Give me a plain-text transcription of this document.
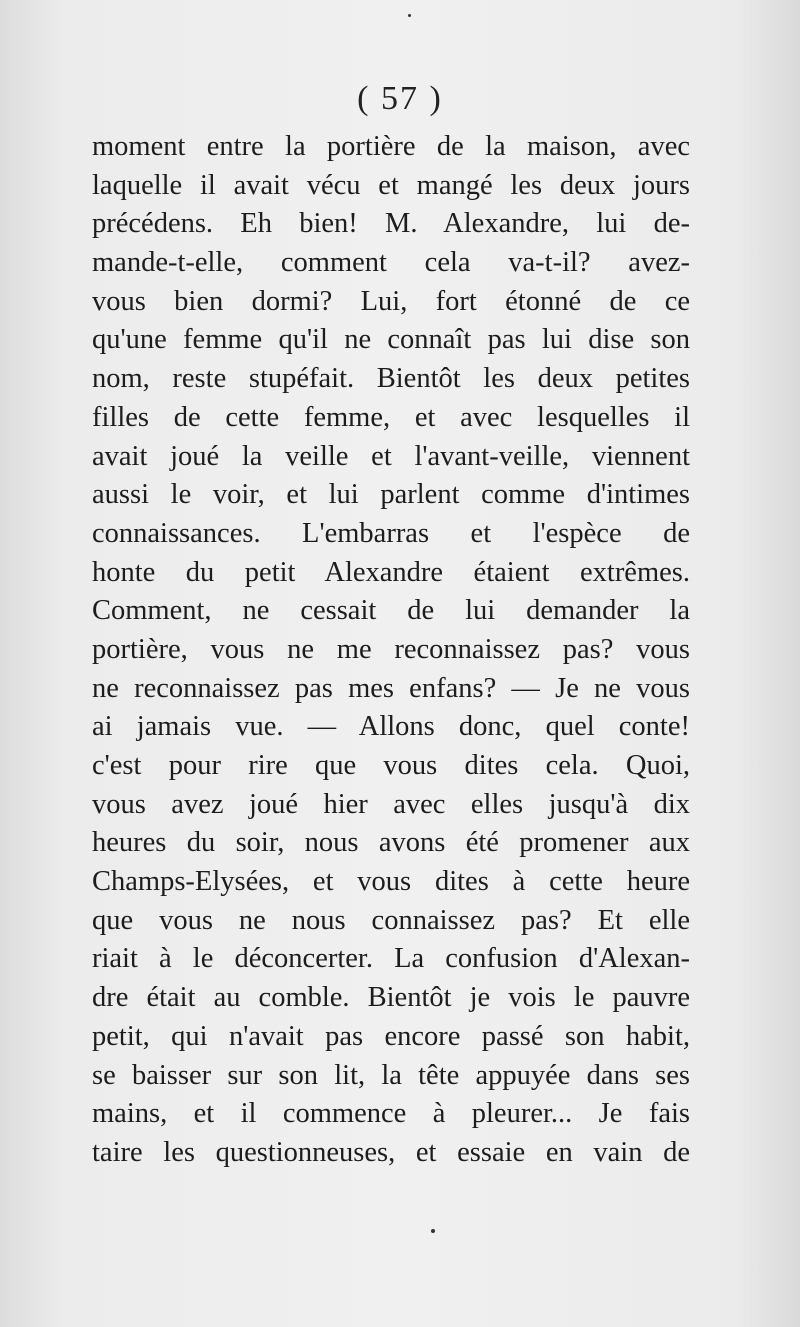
( 57 )
moment entre la portière de la maison, avec
laquelle il avait vécu et mangé les deux jours
précédens. Eh bien! M. Alexandre, lui de-
mande-t-elle, comment cela va-t-il? avez-
vous bien dormi? Lui, fort étonné de ce
qu'une femme qu'il ne connaît pas lui dise son
nom, reste stupéfait. Bientôt les deux petites
filles de cette femme, et avec lesquelles il
avait joué la veille et l'avant-veille, viennent
aussi le voir, et lui parlent comme d'intimes
connaissances. L'embarras et l'espèce de
honte du petit Alexandre étaient extrêmes.
Comment, ne cessait de lui demander la
portière, vous ne me reconnaissez pas? vous
ne reconnaissez pas mes enfans? — Je ne vous
ai jamais vue. — Allons donc, quel conte!
c'est pour rire que vous dites cela. Quoi,
vous avez joué hier avec elles jusqu'à dix
heures du soir, nous avons été promener aux
Champs-Elysées, et vous dites à cette heure
que vous ne nous connaissez pas? Et elle
riait à le déconcerter. La confusion d'Alexan-
dre était au comble. Bientôt je vois le pauvre
petit, qui n'avait pas encore passé son habit,
se baisser sur son lit, la tête appuyée dans ses
mains, et il commence à pleurer... Je fais
taire les questionneuses, et essaie en vain de
